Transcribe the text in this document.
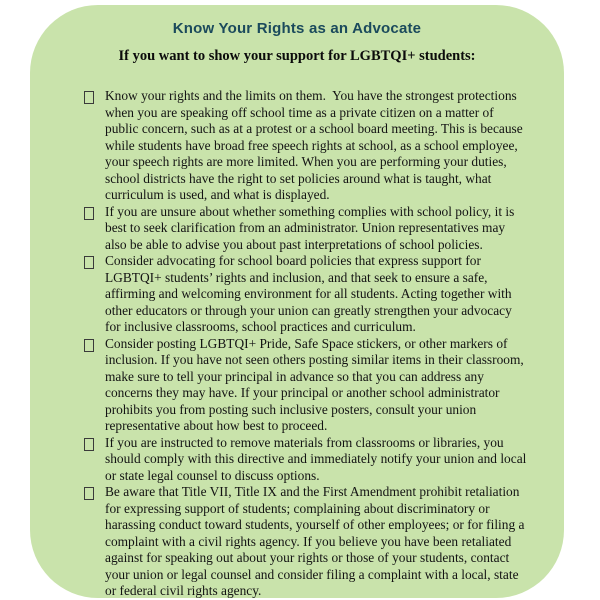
Know Your Rights as an Advocate
If you want to show your support for LGBTQI+ students:
Know your rights and the limits on them.  You have the strongest protections when you are speaking off school time as a private citizen on a matter of public concern, such as at a protest or a school board meeting. This is because while students have broad free speech rights at school, as a school employee, your speech rights are more limited. When you are performing your duties, school districts have the right to set policies around what is taught, what curriculum is used, and what is displayed.
If you are unsure about whether something complies with school policy, it is best to seek clarification from an administrator. Union representatives may also be able to advise you about past interpretations of school policies.
Consider advocating for school board policies that express support for LGBTQI+ students’ rights and inclusion, and that seek to ensure a safe, affirming and welcoming environment for all students. Acting together with other educators or through your union can greatly strengthen your advocacy for inclusive classrooms, school practices and curriculum.
Consider posting LGBTQI+ Pride, Safe Space stickers, or other markers of inclusion. If you have not seen others posting similar items in their classroom, make sure to tell your principal in advance so that you can address any concerns they may have. If your principal or another school administrator prohibits you from posting such inclusive posters, consult your union representative about how best to proceed.
If you are instructed to remove materials from classrooms or libraries, you should comply with this directive and immediately notify your union and local or state legal counsel to discuss options.
Be aware that Title VII, Title IX and the First Amendment prohibit retaliation for expressing support of students; complaining about discriminatory or harassing conduct toward students, yourself of other employees; or for filing a complaint with a civil rights agency. If you believe you have been retaliated against for speaking out about your rights or those of your students, contact your union or legal counsel and consider filing a complaint with a local, state or federal civil rights agency.
